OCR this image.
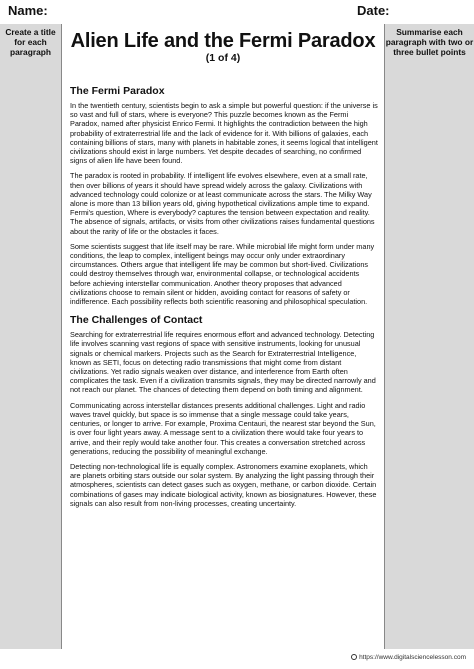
Name:	Date:
Create a title for each paragraph Alien Life and the Fermi Paradox
(1 of 4)
Summarise each paragraph with two or three bullet points
The Fermi Paradox

In the twentieth century, scientists begin to ask a simple but powerful question: if the universe is so vast and full of stars, where is everyone? This puzzle becomes known as the Fermi Paradox, named after physicist Enrico Fermi. It highlights the contradiction between the high probability of extraterrestrial life and the lack of evidence for it. With billions of galaxies, each containing billions of stars, many with planets in habitable zones, it seems logical that intelligent civilizations should exist in large numbers. Yet despite decades of searching, no confirmed signs of alien life have been found.

The paradox is rooted in probability. If intelligent life evolves elsewhere, even at a small rate, then over billions of years it should have spread widely across the galaxy. Civilizations with advanced technology could colonize or at least communicate across the stars. The Milky Way alone is more than 13 billion years old, giving hypothetical civilizations ample time to expand. Fermi's question, Where is everybody? captures the tension between expectation and reality. The absence of signals, artifacts, or visits from other civilizations raises fundamental questions about the rarity of life or the obstacles it faces.

Some scientists suggest that life itself may be rare. While microbial life might form under many conditions, the leap to complex, intelligent beings may occur only under extraordinary circumstances. Others argue that intelligent life may be common but short-lived. Civilizations could destroy themselves through war, environmental collapse, or technological accidents before achieving interstellar communication. Another theory proposes that advanced civilizations choose to remain silent or hidden, avoiding contact for reasons of safety or indifference. Each possibility reflects both scientific reasoning and philosophical speculation.

The Challenges of Contact

Searching for extraterrestrial life requires enormous effort and advanced technology. Detecting life involves scanning vast regions of space with sensitive instruments, looking for unusual signals or chemical markers. Projects such as the Search for Extraterrestrial Intelligence, known as SETI, focus on detecting radio transmissions that might come from distant civilizations. Yet radio signals weaken over distance, and interference from Earth often complicates the task. Even if a civilization transmits signals, they may be directed narrowly and not reach our planet. The chances of detecting them depend on both timing and alignment.

Communicating across interstellar distances presents additional challenges. Light and radio waves travel quickly, but space is so immense that a single message could take years, centuries, or longer to arrive. For example, Proxima Centauri, the nearest star beyond the Sun, is over four light years away. A message sent to a civilization there would take four years to arrive, and their reply would take another four. This creates a conversation stretched across generations, reducing the possibility of meaningful exchange.

Detecting non-technological life is equally complex. Astronomers examine exoplanets, which are planets orbiting stars outside our solar system. By analyzing the light passing through their atmospheres, scientists can detect gases such as oxygen, methane, or carbon dioxide. Certain combinations of gases may indicate biological activity, known as biosignatures. However, these signals can also result from non-living processes, creating uncertainty.

https://www.digitalsciencelesson.com
